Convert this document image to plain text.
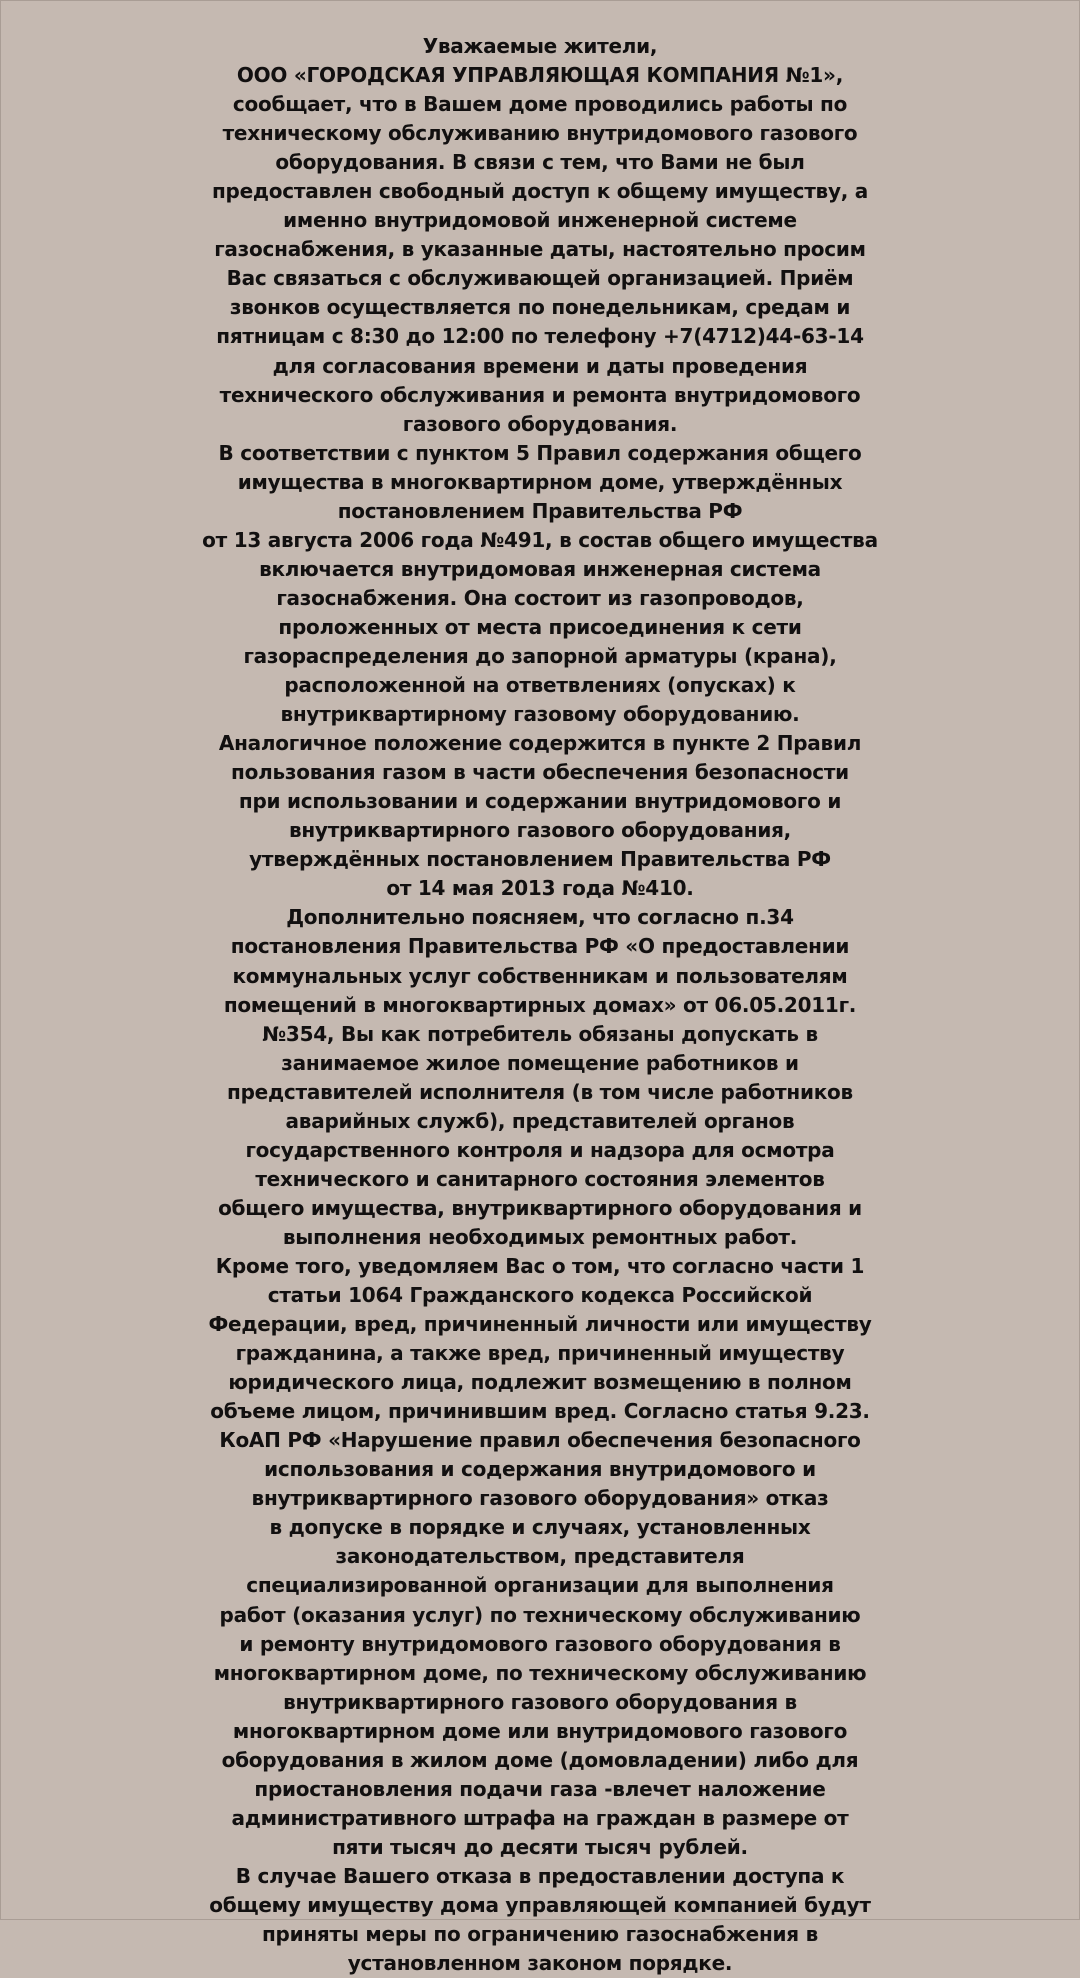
Уважаемые жители,
ООО «ГОРОДСКАЯ УПРАВЛЯЮЩАЯ КОМПАНИЯ №1»,
сообщает, что в Вашем доме проводились работы по
техническому обслуживанию внутридомового газового
оборудования. В связи с тем, что Вами не был
предоставлен свободный доступ к общему имуществу, а
именно внутридомовой инженерной системе
газоснабжения, в указанные даты, настоятельно просим
Вас связаться с обслуживающей организацией. Приём
звонков осуществляется по понедельникам, средам и
пятницам с 8:30 до 12:00 по телефону +7(4712)44-63-14
для согласования времени и даты проведения
технического обслуживания и ремонта внутридомового
газового оборудования.
В соответствии с пунктом 5 Правил содержания общего
имущества в многоквартирном доме, утверждённых
постановлением Правительства РФ
от 13 августа 2006 года №491, в состав общего имущества
включается внутридомовая инженерная система
газоснабжения. Она состоит из газопроводов,
проложенных от места присоединения к сети
газораспределения до запорной арматуры (крана),
расположенной на ответвлениях (опусках) к
внутриквартирному газовому оборудованию.
Аналогичное положение содержится в пункте 2 Правил
пользования газом в части обеспечения безопасности
при использовании и содержании внутридомового и
внутриквартирного газового оборудования,
утверждённых постановлением Правительства РФ
от 14 мая 2013 года №410.
Дополнительно поясняем, что согласно п.34
постановления Правительства РФ «О предоставлении
коммунальных услуг собственникам и пользователям
помещений в многоквартирных домах» от 06.05.2011г.
№354, Вы как потребитель обязаны допускать в
занимаемое жилое помещение работников и
представителей исполнителя (в том числе работников
аварийных служб), представителей органов
государственного контроля и надзора для осмотра
технического и санитарного состояния элементов
общего имущества, внутриквартирного оборудования и
выполнения необходимых ремонтных работ.
Кроме того, уведомляем Вас о том, что согласно части 1
статьи 1064 Гражданского кодекса Российской
Федерации, вред, причиненный личности или имуществу
гражданина, а также вред, причиненный имуществу
юридического лица, подлежит возмещению в полном
объеме лицом, причинившим вред. Согласно статья 9.23.
КоАП РФ «Нарушение правил обеспечения безопасного
использования и содержания внутридомового и
внутриквартирного газового оборудования» отказ
в допуске в порядке и случаях, установленных
законодательством, представителя
специализированной организации для выполнения
работ (оказания услуг) по техническому обслуживанию
и ремонту внутридомового газового оборудования в
многоквартирном доме, по техническому обслуживанию
внутриквартирного газового оборудования в
многоквартирном доме или внутридомового газового
оборудования в жилом доме (домовладении) либо для
приостановления подачи газа -влечет наложение
административного штрафа на граждан в размере от
пяти тысяч до десяти тысяч рублей.
В случае Вашего отказа в предоставлении доступа к
общему имуществу дома управляющей компанией будут
приняты меры по ограничению газоснабжения в
установленном законом порядке.
